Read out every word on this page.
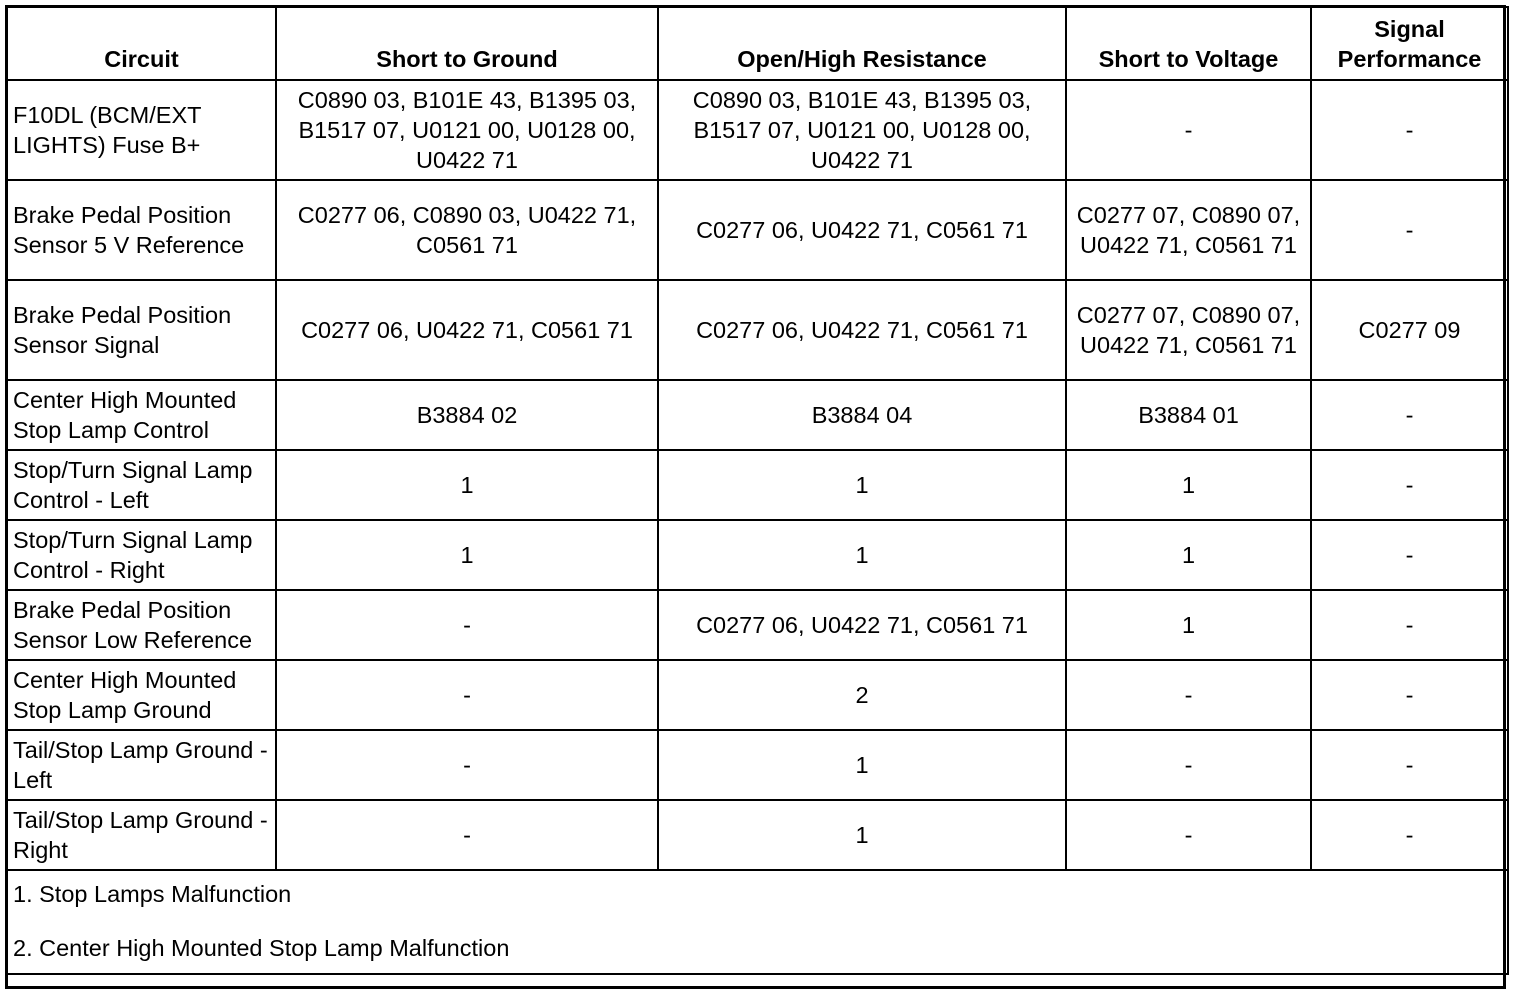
Circuit	Short to Ground	Open/High Resistance	Short to Voltage	Signal
Performance
F10DL (BCM/EXT LIGHTS) Fuse B+	C0890 03, B101E 43, B1395 03, B1517 07, U0121 00, U0128 00, U0422 71	C0890 03, B101E 43, B1395 03, B1517 07, U0121 00, U0128 00, U0422 71	-	-
Brake Pedal Position Sensor 5 V Reference	C0277 06, C0890 03, U0422 71, C0561 71	C0277 06, U0422 71, C0561 71	C0277 07, C0890 07, U0422 71, C0561 71	-
Brake Pedal Position Sensor Signal	C0277 06, U0422 71, C0561 71	C0277 06, U0422 71, C0561 71	C0277 07, C0890 07, U0422 71, C0561 71	C0277 09
Center High Mounted Stop Lamp Control	B3884 02	B3884 04	B3884 01	-
Stop/Turn Signal Lamp Control - Left	1	1	1	-
Stop/Turn Signal Lamp Control - Right	1	1	1	-
Brake Pedal Position Sensor Low Reference	-	C0277 06, U0422 71, C0561 71	1	-
Center High Mounted Stop Lamp Ground	-	2	-	-
Tail/Stop Lamp Ground - Left	-	1	-	-
Tail/Stop Lamp Ground - Right	-	1	-	-

1. Stop Lamps Malfunction
2. Center High Mounted Stop Lamp Malfunction				
